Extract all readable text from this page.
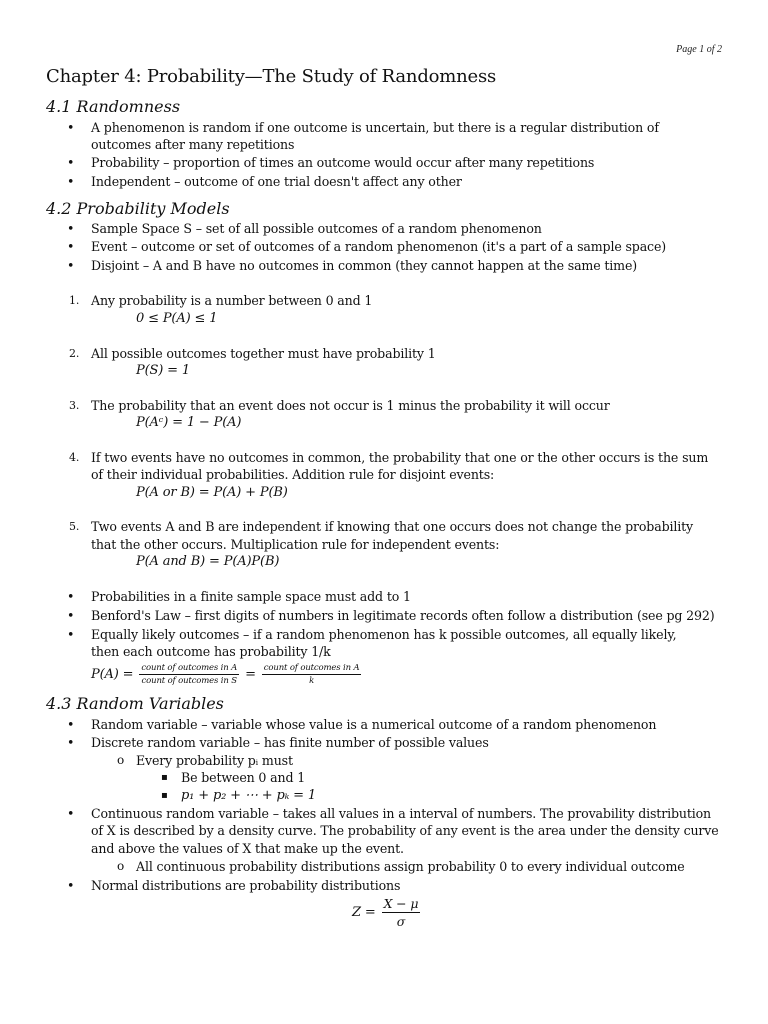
Page 1 of 2
Chapter 4: Probability—The Study of Randomness
4.1 Randomness
• A phenomenon is random if one outcome is uncertain, but there is a regular distribution of
outcomes after many repetitions
• Probability – proportion of times an outcome would occur after many repetitions
• Independent – outcome of one trial doesn't affect any other
4.2 Probability Models
• Sample Space S – set of all possible outcomes of a random phenomenon
• Event – outcome or set of outcomes of a random phenomenon (it's a part of a sample space)
• Disjoint – A and B have no outcomes in common (they cannot happen at the same time)
1. Any probability is a number between 0 and 1
0 ≤ P(A) ≤ 1
2. All possible outcomes together must have probability 1
P(S) = 1
3. The probability that an event does not occur is 1 minus the probability it will occur
P(Aᶜ) = 1 − P(A)
4. If two events have no outcomes in common, the probability that one or the other occurs is the sum
of their individual probabilities. Addition rule for disjoint events:
P(A or B) = P(A) + P(B)
5. Two events A and B are independent if knowing that one occurs does not change the probability
that the other occurs. Multiplication rule for independent events:
P(A and B) = P(A)P(B)
• Probabilities in a finite sample space must add to 1
• Benford's Law – first digits of numbers in legitimate records often follow a distribution (see pg 292)
• Equally likely outcomes – if a random phenomenon has k possible outcomes, all equally likely,
then each outcome has probability 1/k
$P(A) = \frac{\text{count of outcomes in A}}{\text{count of outcomes in S}} = \frac{\text{count of outcomes in A}}{k}$
4.3 Random Variables
• Random variable – variable whose value is a numerical outcome of a random phenomenon
• Discrete random variable – has finite number of possible values
o Every probability pᵢ must
▪ Be between 0 and 1
▪ p₁ + p₂ + ⋯ + pₖ = 1
• Continuous random variable – takes all values in a interval of numbers. The provability distribution
of X is described by a density curve. The probability of any event is the area under the density curve
and above the values of X that make up the event.
o All continuous probability distributions assign probability 0 to every individual outcome
• Normal distributions are probability distributions
$Z = \frac{X - \mu}{\sigma}$
